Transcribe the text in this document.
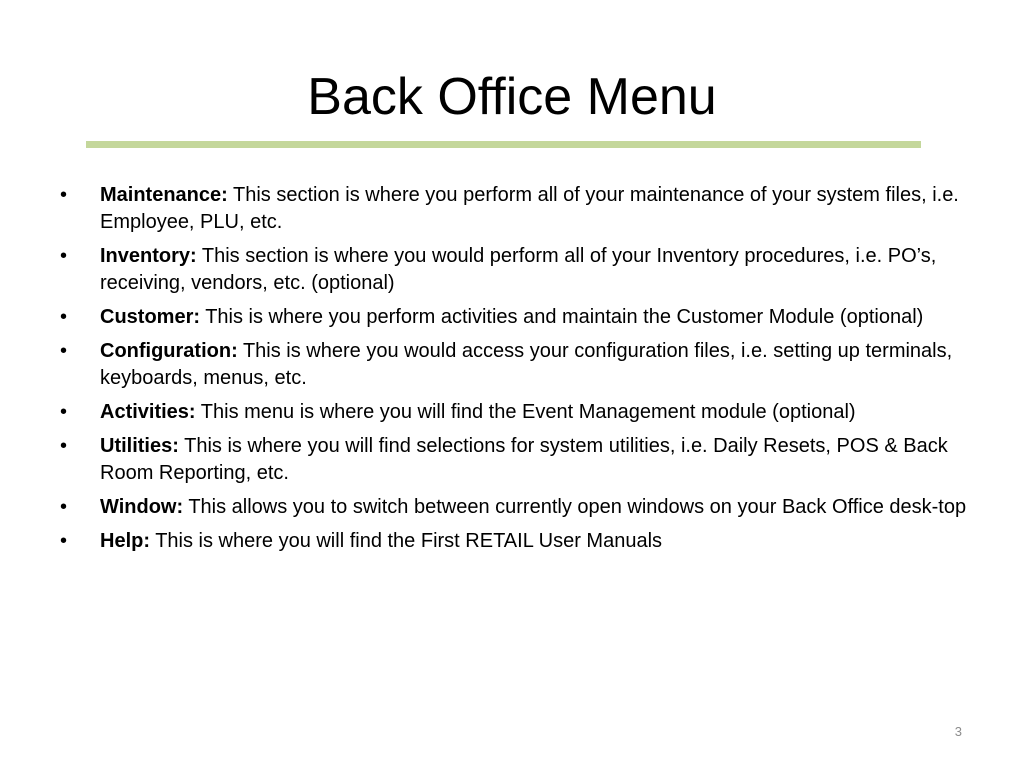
Back Office Menu
•	Maintenance: This section is where you perform all of your maintenance of your system files, i.e. Employee, PLU, etc.
•	Inventory: This section is where you would perform all of your Inventory procedures, i.e. PO’s, receiving, vendors, etc. (optional)
•	Customer: This is where you perform activities and maintain the Customer Module (optional)
•	Configuration: This is where you would access your configuration files, i.e. setting up terminals, keyboards, menus, etc.
•	Activities: This menu is where you will find the Event Management module (optional)
•	Utilities: This is where you will find selections for system utilities, i.e. Daily Resets, POS & Back Room Reporting, etc.
•	Window: This allows you to switch between currently open windows on your Back Office desk-top
•	Help: This is where you will find the First RETAIL User Manuals
3
